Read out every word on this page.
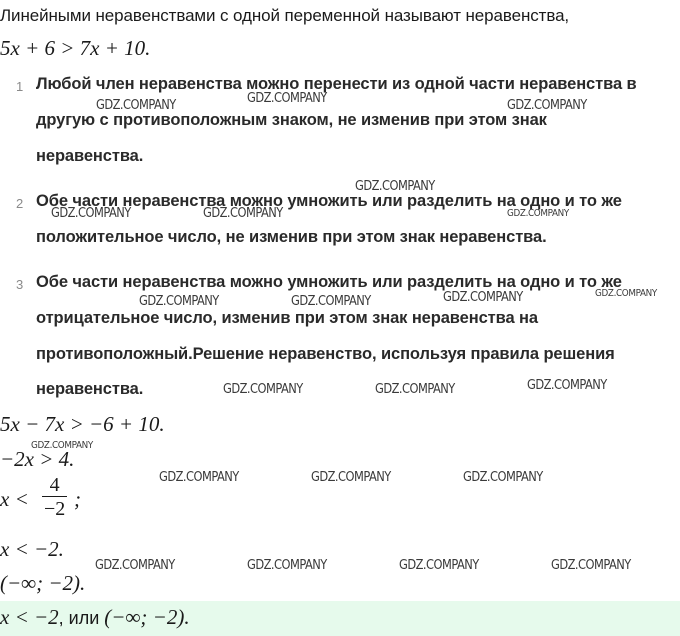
Линейными неравенствами с одной переменной называют неравенства,
5x + 6 > 7x + 10.
1 Любой член неравенства можно перенести из одной части неравенства в
другую с противоположным знаком, не изменив при этом знак
неравенства.
2 Обе части неравенства можно умножить или разделить на одно и то же
положительное число, не изменив при этом знак неравенства.
3 Обе части неравенства можно умножить или разделить на одно и то же
отрицательное число, изменив при этом знак неравенства на
противоположный.Решение неравенство, используя правила решения
неравенства.
5x − 7x > −6 + 10.
−2x > 4.
x <
4
−2 ;
x < −2.
(−∞; −2).
x < −2, или (−∞; −2).
GDZ.COMPANY	GDZ.COMPANY	GDZ.COMPANY
GDZ.COMPANY
GDZ.COMPANY	GDZ.COMPANY	GDZ.COMPANY
GDZ.COMPANY	GDZ.COMPANY	GDZ.COMPANY	GDZ.COMPANY
GDZ.COMPANY	GDZ.COMPANY	GDZ.COMPANY
GDZ.COMPANY
GDZ.COMPANY	GDZ.COMPANY	GDZ.COMPANY
GDZ.COMPANY	GDZ.COMPANY	GDZ.COMPANY	GDZ.COMPANY
